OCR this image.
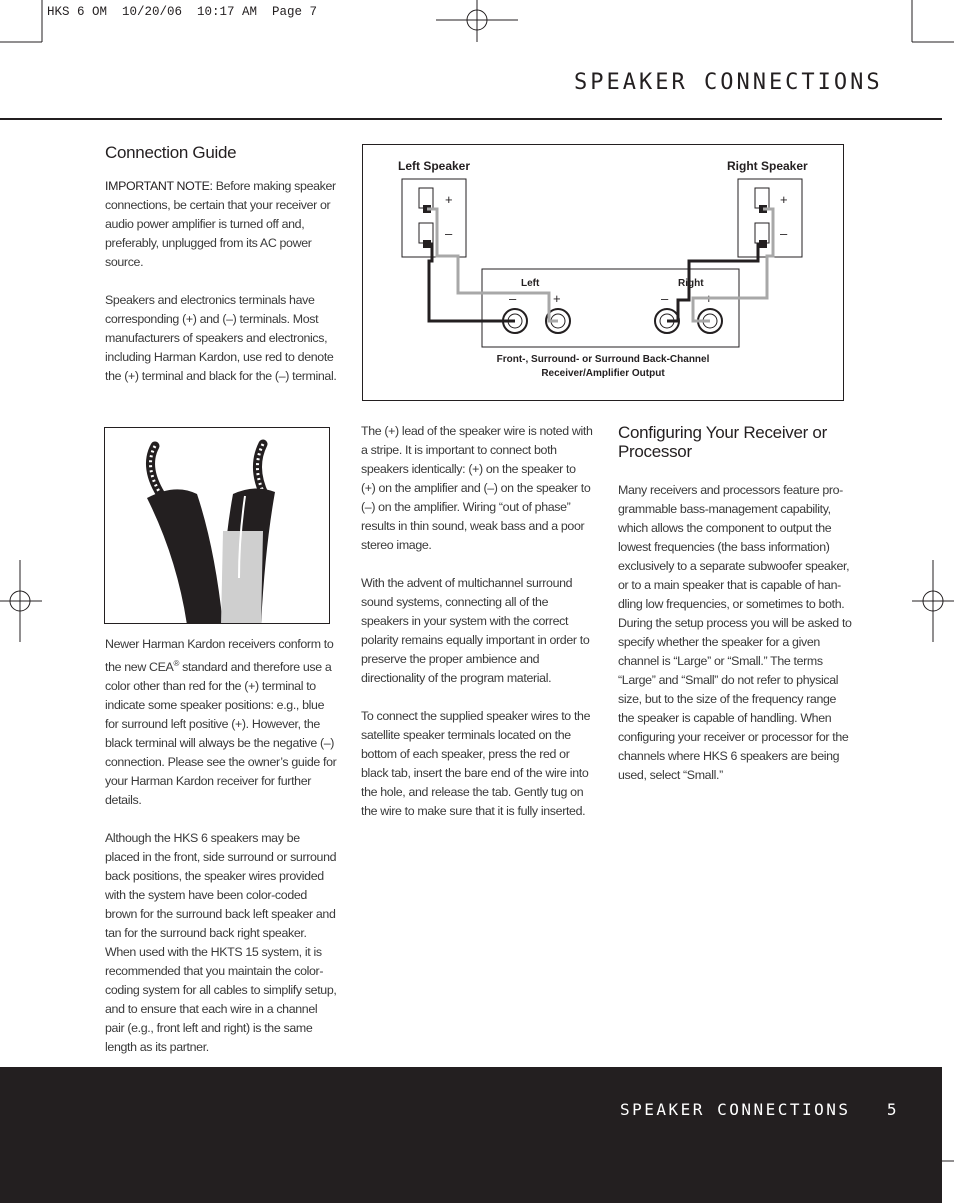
HKS 6 OM  10/20/06  10:17 AM  Page 7
SPEAKER CONNECTIONS
Connection Guide

IMPORTANT NOTE: Before making speaker connections, be certain that your receiver or audio power amplifier is turned off and, preferably, unplugged from its AC power source.

Speakers and electronics terminals have corresponding (+) and (–) terminals. Most manufacturers of speakers and electronics, including Harman Kardon, use red to denote the (+) terminal and black for the (–) terminal.

Newer Harman Kardon receivers conform to the new CEA® standard and therefore use a color other than red for the (+) terminal to indicate some speaker positions: e.g., blue for surround left positive (+). However, the black terminal will always be the negative (–) connection. Please see the owner’s guide for your Harman Kardon receiver for further details.

Although the HKS 6 speakers may be placed in the front, side surround or surround back positions, the speaker wires provided with the system have been color-coded brown for the surround back left speaker and tan for the surround back right speaker. When used with the HKTS 15 system, it is recommended that you maintain the color-coding system for all cables to simplify setup, and to ensure that each wire in a channel pair (e.g., front left and right) is the same length as its partner.

Left Speaker	Right Speaker
+
–
+
–
Left	Right
–	+	–	+
Front-, Surround- or Surround Back-Channel
Receiver/Amplifier Output

The (+) lead of the speaker wire is noted with a stripe. It is important to connect both speakers identically: (+) on the speaker to (+) on the amplifier and (–) on the speaker to (–) on the amplifier. Wiring “out of phase” results in thin sound, weak bass and a poor stereo image.

With the advent of multichannel surround sound systems, connecting all of the speakers in your system with the correct polarity remains equally important in order to preserve the proper ambience and directionality of the program material.

To connect the supplied speaker wires to the satellite speaker terminals located on the bottom of each speaker, press the red or black tab, insert the bare end of the wire into the hole, and release the tab. Gently tug on the wire to make sure that it is fully inserted.

Configuring Your Receiver or
Processor

Many receivers and processors feature pro-grammable bass-management capability, which allows the component to output the lowest frequencies (the bass information) exclusively to a separate subwoofer speaker, or to a main speaker that is capable of han-dling low frequencies, or sometimes to both. During the setup process you will be asked to specify whether the speaker for a given channel is “Large” or “Small.” The terms “Large” and “Small” do not refer to physical size, but to the size of the frequency range the speaker is capable of handling. When configuring your receiver or processor for the channels where HKS 6 speakers are being used, select “Small.”

SPEAKER CONNECTIONS   5
